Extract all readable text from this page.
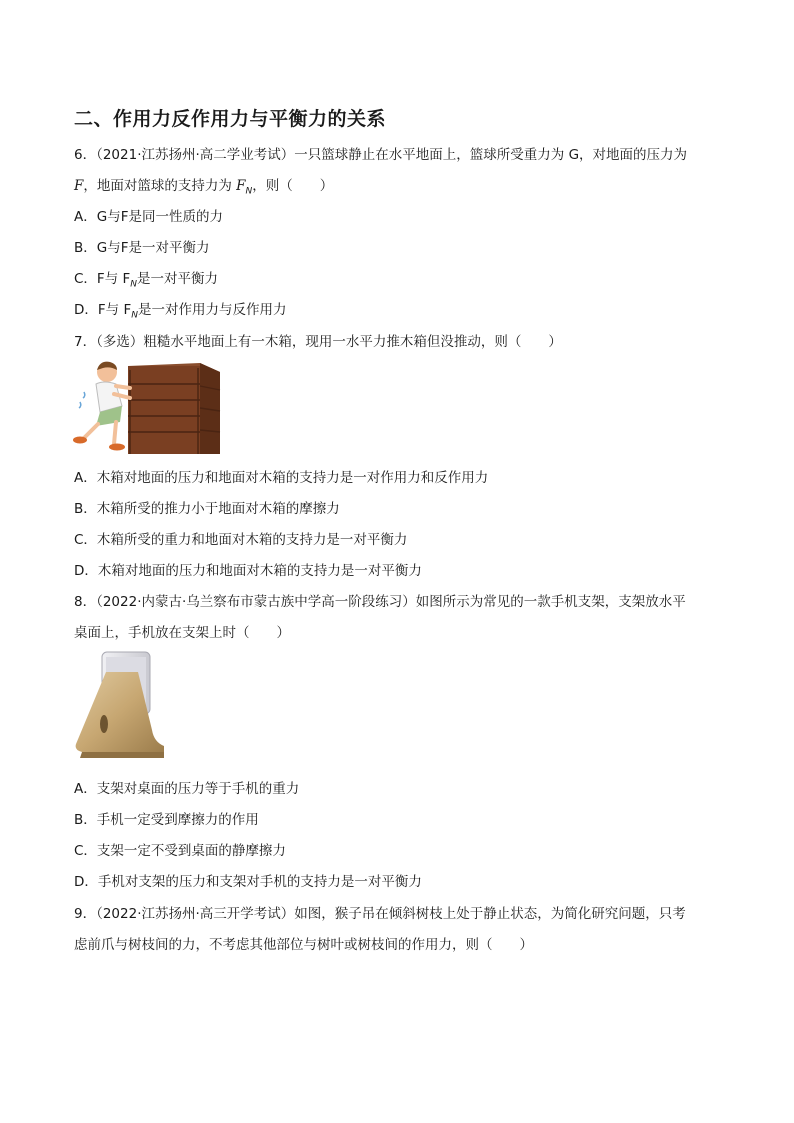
二、作用力反作用力与平衡力的关系
6．（2021·江苏扬州·高二学业考试）一只篮球静止在水平地面上，篮球所受重力为 G，对地面的压力为
F，地面对篮球的支持力为 $F_N$，则（　　）
A．G与F是同一性质的力
B．G与F是一对平衡力
C．F与 $F_N$是一对平衡力
D．F与 $F_N$是一对作用力与反作用力
7．（多选）粗糙水平地面上有一木箱，现用一水平力推木箱但没推动，则（　　）
A．木箱对地面的压力和地面对木箱的支持力是一对作用力和反作用力
B．木箱所受的推力小于地面对木箱的摩擦力
C．木箱所受的重力和地面对木箱的支持力是一对平衡力
D．木箱对地面的压力和地面对木箱的支持力是一对平衡力
8．（2022·内蒙古·乌兰察布市蒙古族中学高一阶段练习）如图所示为常见的一款手机支架，支架放水平
桌面上，手机放在支架上时（　　）
A．支架对桌面的压力等于手机的重力
B．手机一定受到摩擦力的作用
C．支架一定不受到桌面的静摩擦力
D．手机对支架的压力和支架对手机的支持力是一对平衡力
9．（2022·江苏扬州·高三开学考试）如图，猴子吊在倾斜树枝上处于静止状态，为简化研究问题，只考
虑前爪与树枝间的力，不考虑其他部位与树叶或树枝间的作用力，则（　　）
